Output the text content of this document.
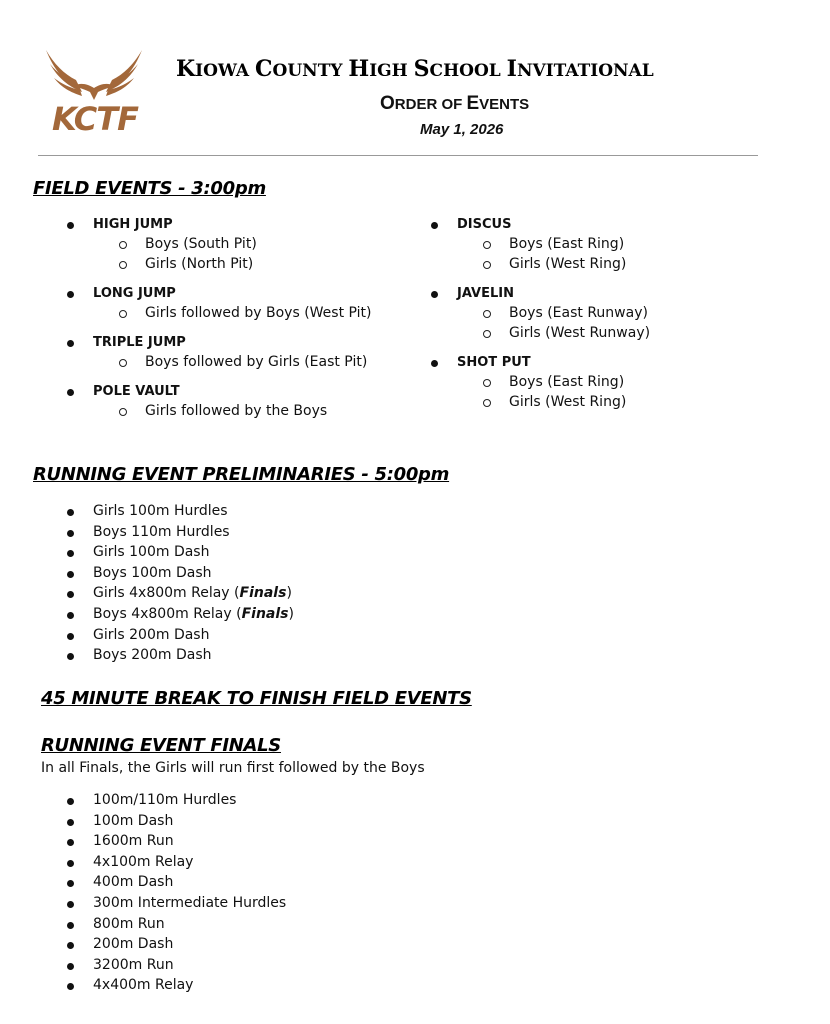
KCTF
KIOWA COUNTY HIGH SCHOOL INVITATIONAL
ORDER OF EVENTS
May 1, 2026
FIELD EVENTS - 3:00pm
HIGH JUMP
Boys (South Pit)
Girls (North Pit)
LONG JUMP
Girls followed by Boys (West Pit)
TRIPLE JUMP
Boys followed by Girls (East Pit)
POLE VAULT
Girls followed by the Boys
DISCUS
Boys (East Ring)
Girls (West Ring)
JAVELIN
Boys (East Runway)
Girls (West Runway)
SHOT PUT
Boys (East Ring)
Girls (West Ring)
RUNNING EVENT PRELIMINARIES - 5:00pm
Girls 100m Hurdles
Boys 110m Hurdles
Girls 100m Dash
Boys 100m Dash
Girls 4x800m Relay (Finals)
Boys 4x800m Relay (Finals)
Girls 200m Dash
Boys 200m Dash
45 MINUTE BREAK TO FINISH FIELD EVENTS
RUNNING EVENT FINALS
In all Finals, the Girls will run first followed by the Boys
100m/110m Hurdles
100m Dash
1600m Run
4x100m Relay
400m Dash
300m Intermediate Hurdles
800m Run
200m Dash
3200m Run
4x400m Relay
